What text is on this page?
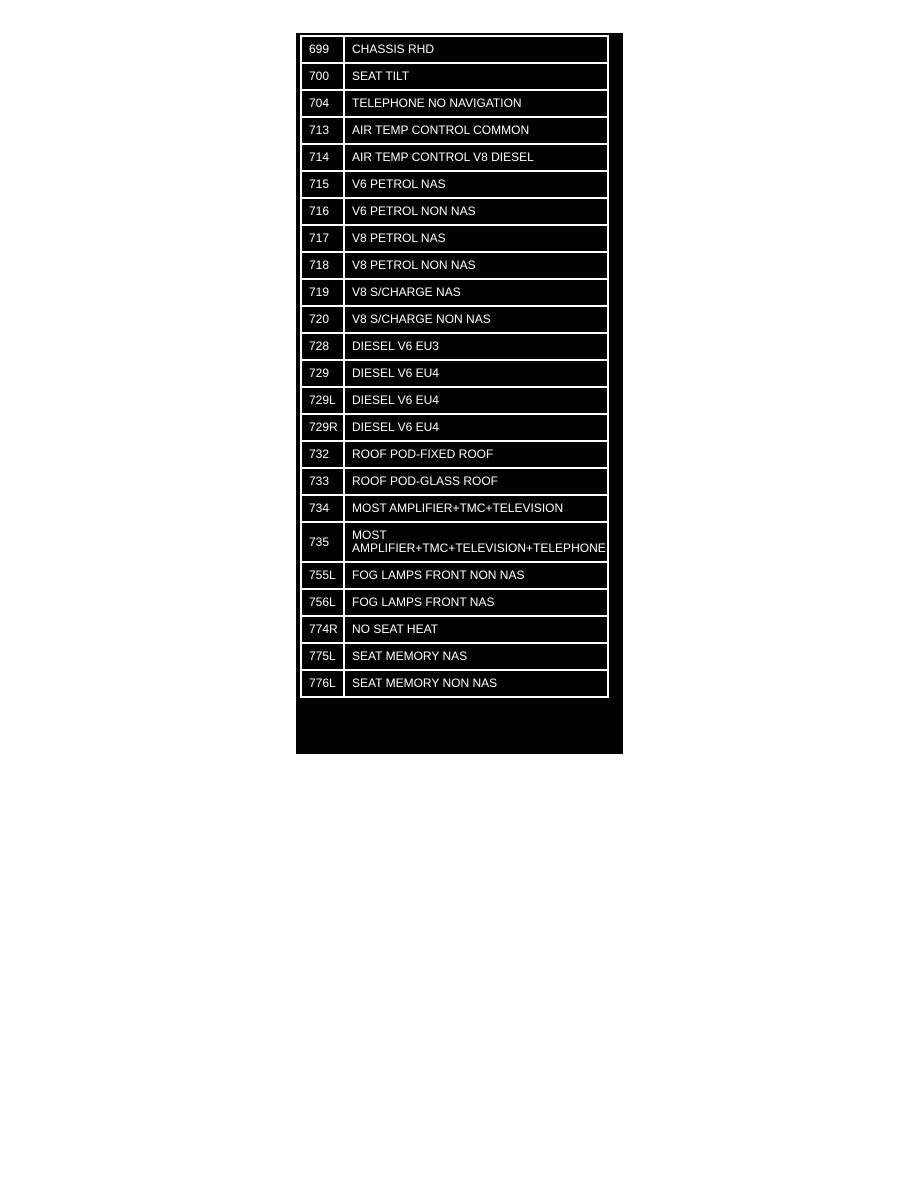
699	CHASSIS RHD
700	SEAT TILT
704	TELEPHONE NO NAVIGATION
713	AIR TEMP CONTROL COMMON
714	AIR TEMP CONTROL V8 DIESEL
715	V6 PETROL NAS
716	V6 PETROL NON NAS
717	V8 PETROL NAS
718	V8 PETROL NON NAS
719	V8 S/CHARGE NAS
720	V8 S/CHARGE NON NAS
728	DIESEL V6 EU3
729	DIESEL V6 EU4
729L	DIESEL V6 EU4
729R	DIESEL V6 EU4
732	ROOF POD-FIXED ROOF
733	ROOF POD-GLASS ROOF
734	MOST AMPLIFIER+TMC+TELEVISION
735	MOST AMPLIFIER+TMC+TELEVISION+TELEPHONE
755L	FOG LAMPS FRONT NON NAS
756L	FOG LAMPS FRONT NAS
774R	NO SEAT HEAT
775L	SEAT MEMORY NAS
776L	SEAT MEMORY NON NAS
